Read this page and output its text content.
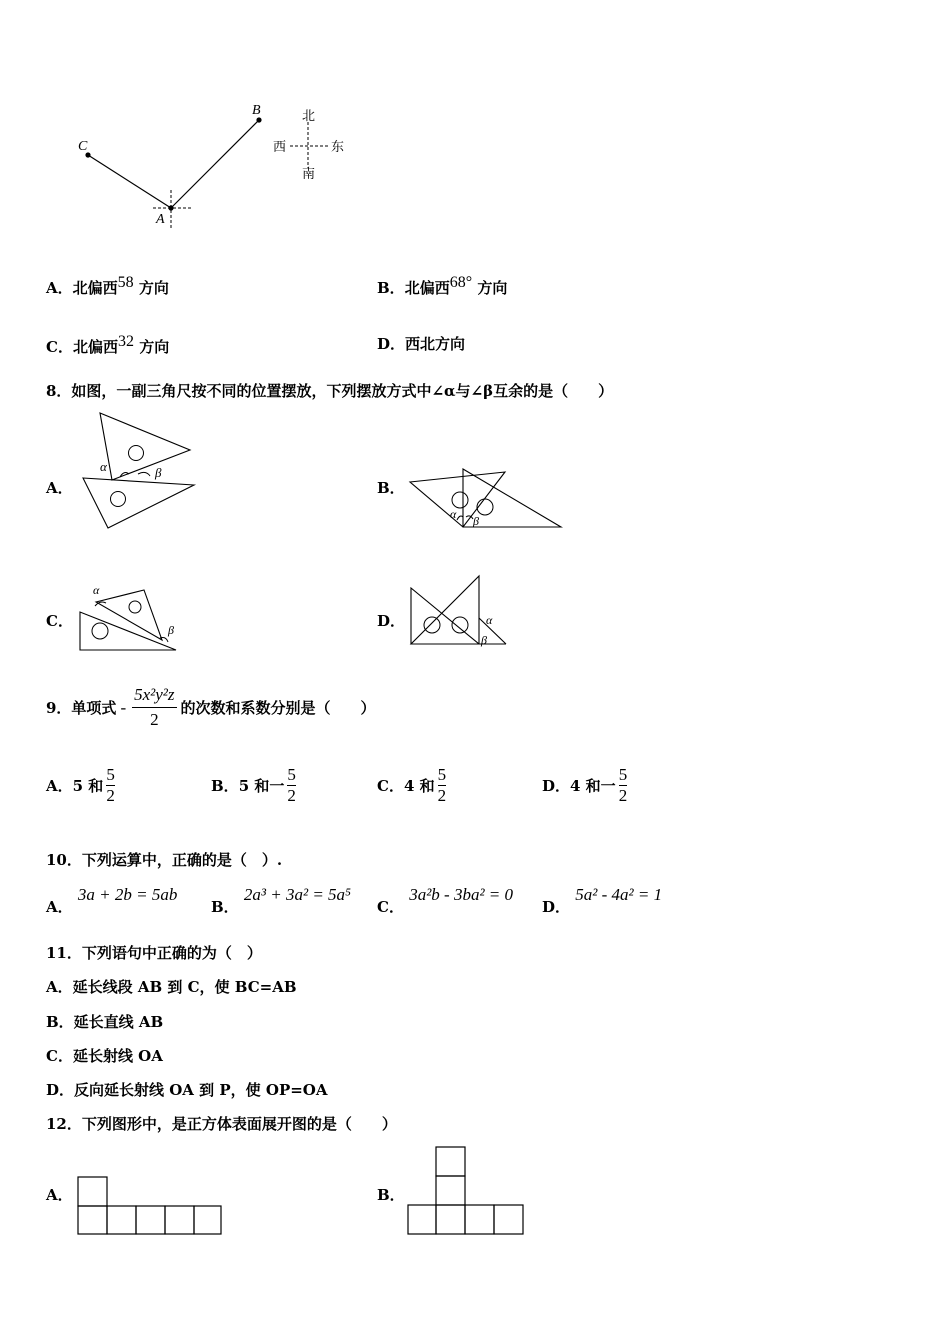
C
B
A
北
西	东
南
A．北偏西$^{58}$ 方向	B．北偏西$^{68^\circ}$ 方向
C．北偏西$^{32}$ 方向	D．西北方向
8．如图，一副三角尺按不同的位置摆放，下列摆放方式中∠α与∠β互余的是（　　）
A．
α	β
B．
α β
C．
α
β	D．	α
β
9．单项式 - $\frac{\text{5x²y²z}}{2}$ 的次数和系数分别是（　　）
A． 5 和 $\frac{5}{2}$	B． 5 和一 $\frac{5}{2}$	C． 4 和 $\frac{5}{2}$	D． 4 和一 $\frac{5}{2}$
10．下列运算中，正确的是（　）.
A． 3a + 2b = 5ab
B． 2a³ + 3a² = 5a⁵
C． 3a²b - 3ba² = 0
D． 5a² - 4a² = 1
11．下列语句中正确的为（　）
A．延长线段 AB 到 C，使 BC=AB
B．延长直线 AB
C．延长射线 OA
D．反向延长射线 OA 到 P，使 OP=OA
12．下列图形中，是正方体表面展开图的是（　　）
A．	B．
